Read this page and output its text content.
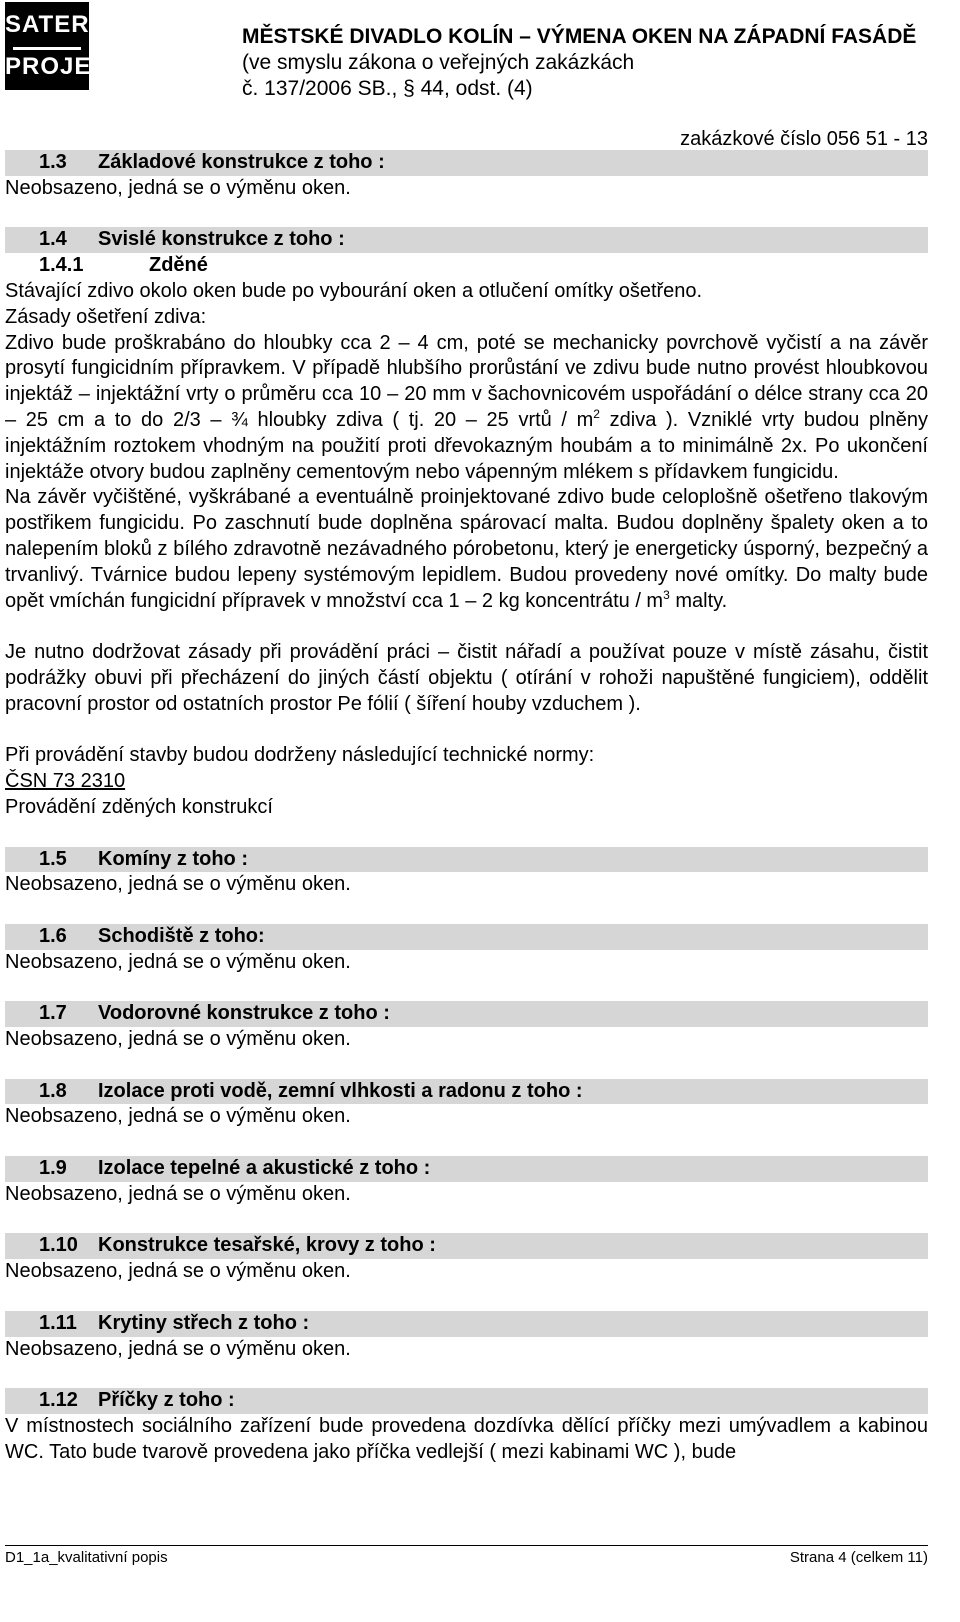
SATER
PROJEKT
MĚSTSKÉ DIVADLO KOLÍN – VÝMENA OKEN NA ZÁPADNÍ FASÁDĚ
(ve smyslu zákona o veřejných zakázkách
č. 137/2006 SB., § 44, odst. (4)
zakázkové číslo 056 51 - 13
1.3 Základové konstrukce z toho :

Neobsazeno, jedná se o výměnu oken.

1.4 Svislé konstrukce z toho :
1.4.1	Zděné

Stávající zdivo okolo oken bude po vybourání oken a otlučení omítky ošetřeno.

Zásady ošetření zdiva:

Zdivo bude proškrabáno do hloubky cca 2 – 4 cm, poté se mechanicky povrchově vyčistí a na závěr prosytí fungicidním přípravkem. V případě hlubšího prorůstání ve zdivu bude nutno provést hloubkovou injektáž – injektážní vrty o průměru cca 10 – 20 mm v šachovnicovém uspořádání o délce strany cca 20 – 25 cm a to do 2/3 – ¾ hloubky zdiva ( tj. 20 – 25 vrtů / $m^2$ zdiva ). Vzniklé vrty budou plněny injektážním roztokem vhodným na použití proti dřevokazným houbám a to minimálně 2x. Po ukončení injektáže otvory budou zaplněny cementovým nebo vápenným mlékem s přídavkem fungicidu.

Na závěr vyčištěné, vyškrábané a eventuálně proinjektované zdivo bude celoplošně ošetřeno tlakovým postřikem fungicidu. Po zaschnutí bude doplněna spárovací malta. Budou doplněny špalety oken a to nalepením bloků z bílého zdravotně nezávadného pórobetonu, který je energeticky úsporný, bezpečný a trvanlivý. Tvárnice budou lepeny systémovým lepidlem. Budou provedeny nové omítky. Do malty bude opět vmíchán fungicidní přípravek v množství cca 1 – 2 kg koncentrátu / $m^3$ malty.

Je nutno dodržovat zásady při provádění práci – čistit nářadí a používat pouze v místě zásahu, čistit podrážky obuvi při přecházení do jiných částí objektu ( otírání v rohoži napuštěné fungiciem), oddělit pracovní prostor od ostatních prostor Pe fólií ( šíření houby vzduchem ).

Při provádění stavby budou dodrženy následující technické normy:

ČSN 73 2310

Provádění zděných konstrukcí

1.5 Komíny z toho :

Neobsazeno, jedná se o výměnu oken.

1.6 Schodiště z toho:

Neobsazeno, jedná se o výměnu oken.

1.7 Vodorovné konstrukce z toho :

Neobsazeno, jedná se o výměnu oken.

1.8 Izolace proti vodě, zemní vlhkosti a radonu z toho :

Neobsazeno, jedná se o výměnu oken.

1.9 Izolace tepelné a akustické z toho :

Neobsazeno, jedná se o výměnu oken.

1.10 Konstrukce tesařské, krovy z toho :

Neobsazeno, jedná se o výměnu oken.

1.11 Krytiny střech z toho :

Neobsazeno, jedná se o výměnu oken.

1.12 Příčky z toho :

V místnostech sociálního zařízení bude provedena dozdívka dělící příčky mezi umývadlem a kabinou WC. Tato bude tvarově provedena jako příčka vedlejší ( mezi kabinami WC ), bude

D1_1a_kvalitativní popis	Strana 4 (celkem 11)
